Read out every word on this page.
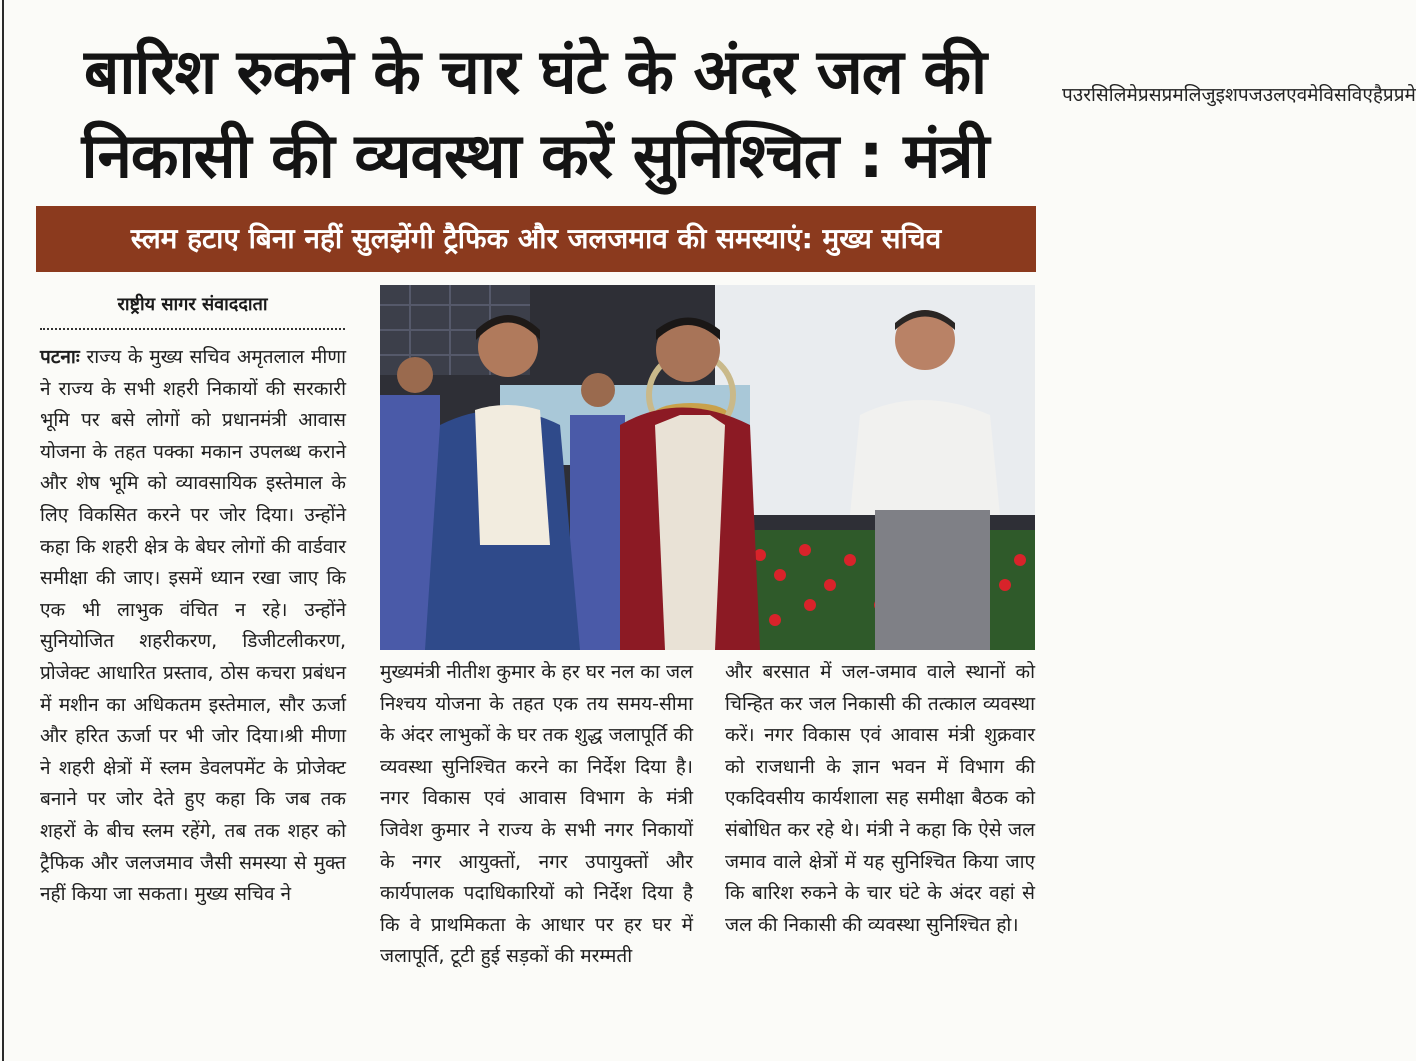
बारिश रुकने के चार घंटे के अंदर जल की
निकासी की व्यवस्था करें सुनिश्चित : मंत्री
स्लम हटाए बिना नहीं सुलझेंगी ट्रैफिक और जलजमाव की समस्याएं: मुख्य सचिव
राष्ट्रीय सागर संवाददाता
पटनाः राज्य के मुख्य सचिव अमृतलाल मीणा ने राज्य के सभी शहरी निकायों की सरकारी भूमि पर बसे लोगों को प्रधानमंत्री आवास योजना के तहत पक्का मकान उपलब्ध कराने और शेष भूमि को व्यावसायिक इस्तेमाल के लिए विकसित करने पर जोर दिया। उन्होंने कहा कि शहरी क्षेत्र के बेघर लोगों की वार्डवार समीक्षा की जाए। इसमें ध्यान रखा जाए कि एक भी लाभुक वंचित न रहे। उन्होंने सुनियोजित शहरीकरण, डिजीटलीकरण, प्रोजेक्ट आधारित प्रस्ताव, ठोस कचरा प्रबंधन में मशीन का अधिकतम इस्तेमाल, सौर ऊर्जा और हरित ऊर्जा पर भी जोर दिया।श्री मीणा ने शहरी क्षेत्रों में स्लम डेवलपमेंट के प्रोजेक्ट बनाने पर जोर देते हुए कहा कि जब तक शहरों के बीच स्लम रहेंगे, तब तक शहर को ट्रैफिक और जलजमाव जैसी समस्या से मुक्त नहीं किया जा सकता। मुख्य सचिव ने
मुख्यमंत्री नीतीश कुमार के हर घर नल का जल निश्चय योजना के तहत एक तय समय-सीमा के अंदर लाभुकों के घर तक शुद्ध जलापूर्ति की व्यवस्था सुनिश्चित करने का निर्देश दिया है। नगर विकास एवं आवास विभाग के मंत्री जिवेश कुमार ने राज्य के सभी नगर निकायों के नगर आयुक्तों, नगर उपायुक्तों और कार्यपालक पदाधिकारियों को निर्देश दिया है कि वे प्राथमिकता के आधार पर हर घर में जलापूर्ति, टूटी हुई सड़कों की मरम्मती
और बरसात में जल-जमाव वाले स्थानों को चिन्हित कर जल निकासी की तत्काल व्यवस्था करें। नगर विकास एवं आवास मंत्री शुक्रवार को राजधानी के ज्ञान भवन में विभाग की एकदिवसीय कार्यशाला सह समीक्षा बैठक को संबोधित कर रहे थे। मंत्री ने कहा कि ऐसे जल जमाव वाले क्षेत्रों में यह सुनिश्चित किया जाए कि बारिश रुकने के चार घंटे के अंदर वहां से जल की निकासी की व्यवस्था सुनिश्चित हो।
पउरसिलिमेप्रसप्रमलिजुइशपजउलएवमेविसविएहैप्रप्रमे
